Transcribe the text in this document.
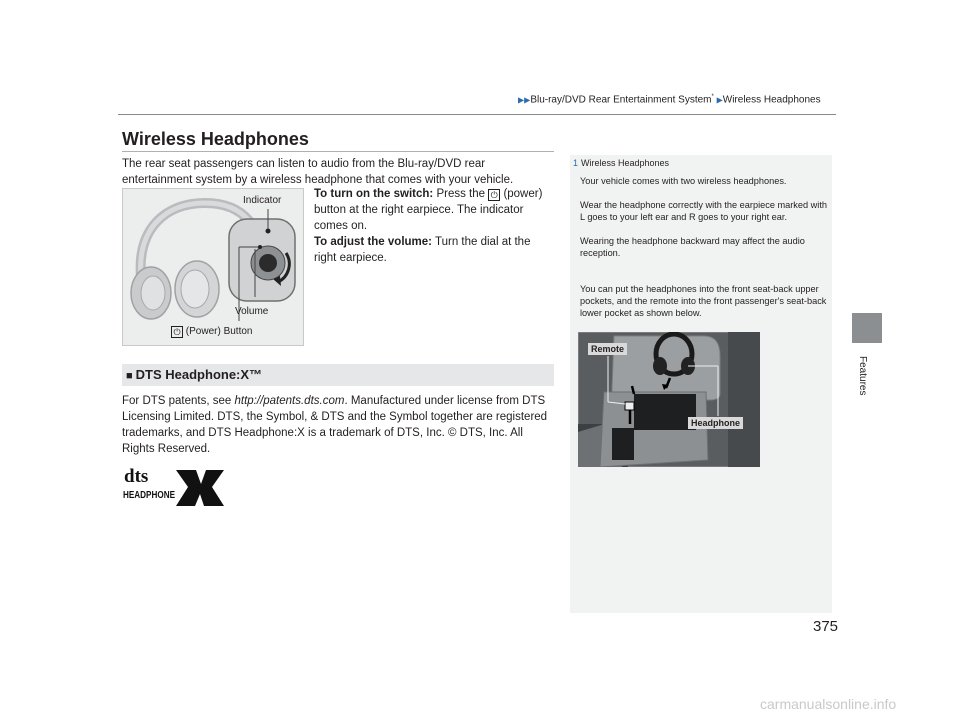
▶▶Blu-ray/DVD Rear Entertainment System* ▶Wireless Headphones
Features
Wireless Headphones

The rear seat passengers can listen to audio from the Blu-ray/DVD rear entertainment system by a wireless headphone that comes with your vehicle.

Indicator
Volume
⏻ (Power) Button

To turn on the switch: Press the ⏻ (power) button at the right earpiece. The indicator comes on.

To adjust the volume: Turn the dial at the right earpiece.

■ DTS Headphone:X™

For DTS patents, see http://patents.dts.com. Manufactured under license from DTS Licensing Limited. DTS, the Symbol, & DTS and the Symbol together are registered trademarks, and DTS Headphone:X is a trademark of DTS, Inc. © DTS, Inc. All Rights Reserved.

dts
HEADPHONE
1 Wireless Headphones

Your vehicle comes with two wireless headphones.

Wear the headphone correctly with the earpiece marked with L goes to your left ear and R goes to your right ear.

Wearing the headphone backward may affect the audio reception.

You can put the headphones into the front seat-back upper pockets, and the remote into the front passenger's seat-back lower pocket as shown below.

Remote
Headphone
375
carmanualsonline.info
